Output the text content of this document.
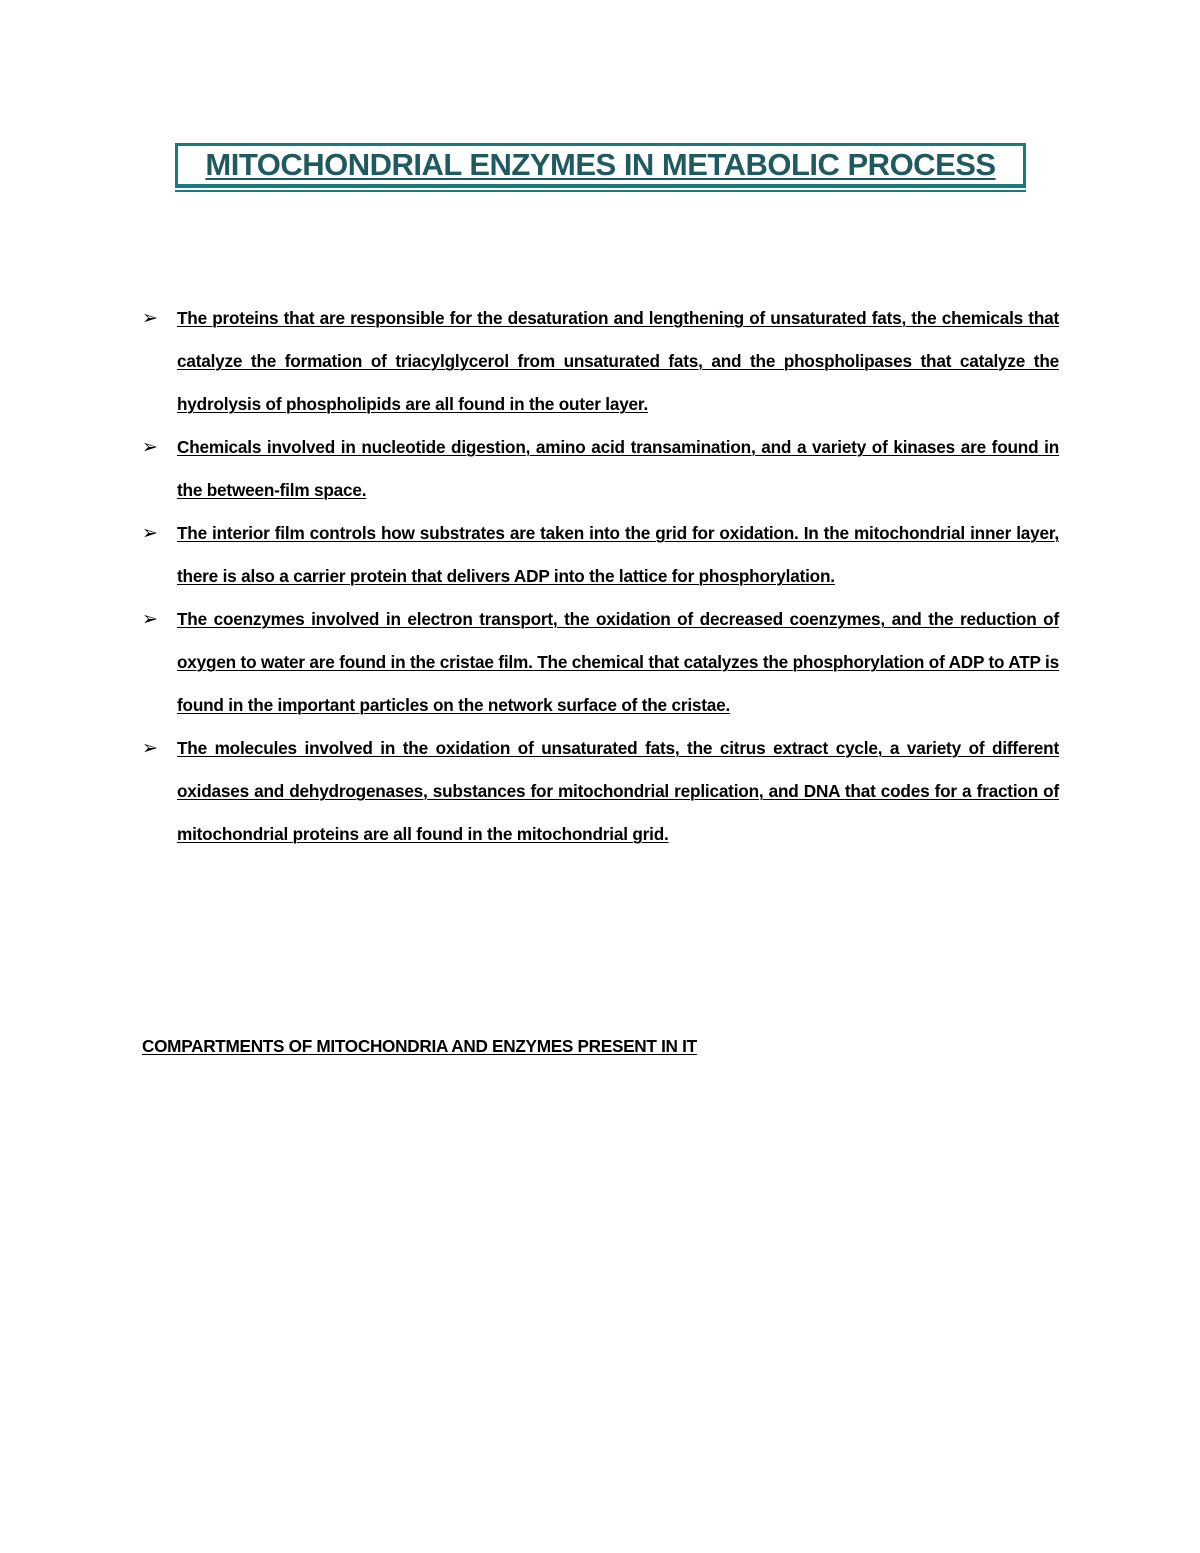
MITOCHONDRIAL ENZYMES IN METABOLIC PROCESS
➢	The proteins that are responsible for the desaturation and lengthening of unsaturated fats, the chemicals that catalyze the formation of triacylglycerol from unsaturated fats, and the phospholipases that catalyze the hydrolysis of phospholipids are all found in the outer layer.
➢	Chemicals involved in nucleotide digestion, amino acid transamination, and a variety of kinases are found in the between-film space.
➢	The interior film controls how substrates are taken into the grid for oxidation. In the mitochondrial inner layer, there is also a carrier protein that delivers ADP into the lattice for phosphorylation.
➢	The coenzymes involved in electron transport, the oxidation of decreased coenzymes, and the reduction of oxygen to water are found in the cristae film. The chemical that catalyzes the phosphorylation of ADP to ATP is found in the important particles on the network surface of the cristae.
➢	The molecules involved in the oxidation of unsaturated fats, the citrus extract cycle, a variety of different oxidases and dehydrogenases, substances for mitochondrial replication, and DNA that codes for a fraction of mitochondrial proteins are all found in the mitochondrial grid.
COMPARTMENTS OF MITOCHONDRIA AND ENZYMES PRESENT IN IT
